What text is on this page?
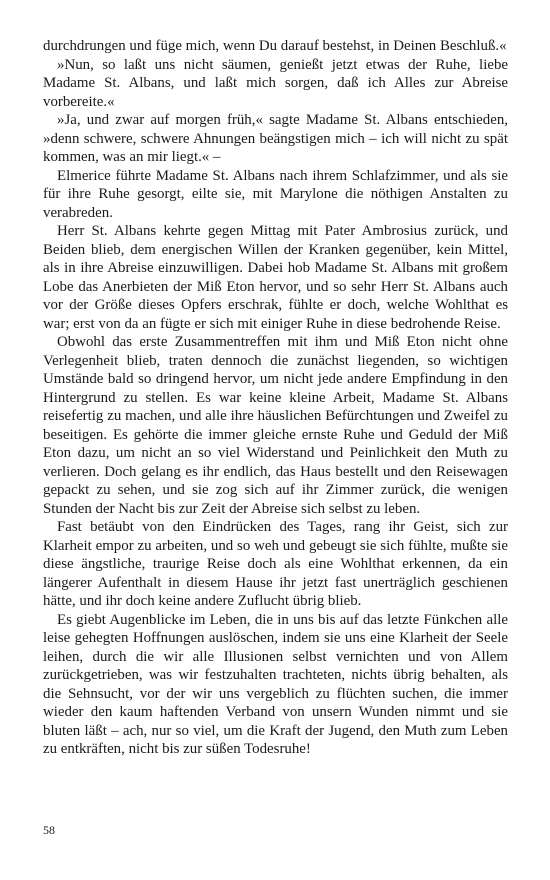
durchdrungen und füge mich, wenn Du darauf bestehst, in Deinen Beschluß.«

»Nun, so laßt uns nicht säumen, genießt jetzt etwas der Ruhe, liebe Madame St. Albans, und laßt mich sorgen, daß ich Alles zur Abreise vorbereite.«

»Ja, und zwar auf morgen früh,« sagte Madame St. Albans entschieden, »denn schwere, schwere Ahnungen beängstigen mich – ich will nicht zu spät kommen, was an mir liegt.« –

Elmerice führte Madame St. Albans nach ihrem Schlafzimmer, und als sie für ihre Ruhe gesorgt, eilte sie, mit Marylone die nöthigen Anstalten zu verabreden.

Herr St. Albans kehrte gegen Mittag mit Pater Ambrosius zurück, und Beiden blieb, dem energischen Willen der Kranken gegenüber, kein Mittel, als in ihre Abreise einzuwilligen. Dabei hob Madame St. Albans mit großem Lobe das Anerbieten der Miß Eton hervor, und so sehr Herr St. Albans auch vor der Größe dieses Opfers erschrak, fühlte er doch, welche Wohlthat es war; erst von da an fügte er sich mit einiger Ruhe in diese bedrohende Reise.

Obwohl das erste Zusammentreffen mit ihm und Miß Eton nicht ohne Verlegenheit blieb, traten dennoch die zunächst liegenden, so wichtigen Umstände bald so dringend hervor, um nicht jede andere Empfindung in den Hintergrund zu stellen. Es war keine kleine Arbeit, Madame St. Albans reisefertig zu machen, und alle ihre häuslichen Befürchtungen und Zweifel zu beseitigen. Es gehörte die immer gleiche ernste Ruhe und Geduld der Miß Eton dazu, um nicht an so viel Widerstand und Peinlichkeit den Muth zu verlieren. Doch gelang es ihr endlich, das Haus bestellt und den Reisewagen gepackt zu sehen, und sie zog sich auf ihr Zimmer zurück, die wenigen Stunden der Nacht bis zur Zeit der Abreise sich selbst zu leben.

Fast betäubt von den Eindrücken des Tages, rang ihr Geist, sich zur Klarheit empor zu arbeiten, und so weh und gebeugt sie sich fühlte, mußte sie diese ängstliche, traurige Reise doch als eine Wohlthat erkennen, da ein längerer Aufenthalt in diesem Hause ihr jetzt fast unerträglich geschienen hätte, und ihr doch keine andere Zuflucht übrig blieb.

Es giebt Augenblicke im Leben, die in uns bis auf das letzte Fünkchen alle leise gehegten Hoffnungen auslöschen, indem sie uns eine Klarheit der Seele leihen, durch die wir alle Illusionen selbst vernichten und von Allem zurückgetrieben, was wir festzuhalten trachteten, nichts übrig behalten, als die Sehnsucht, vor der wir uns vergeblich zu flüchten suchen, die immer wieder den kaum haftenden Verband von unsern Wunden nimmt und sie bluten läßt – ach, nur so viel, um die Kraft der Jugend, den Muth zum Leben zu entkräften, nicht bis zur süßen Todesruhe!

58
